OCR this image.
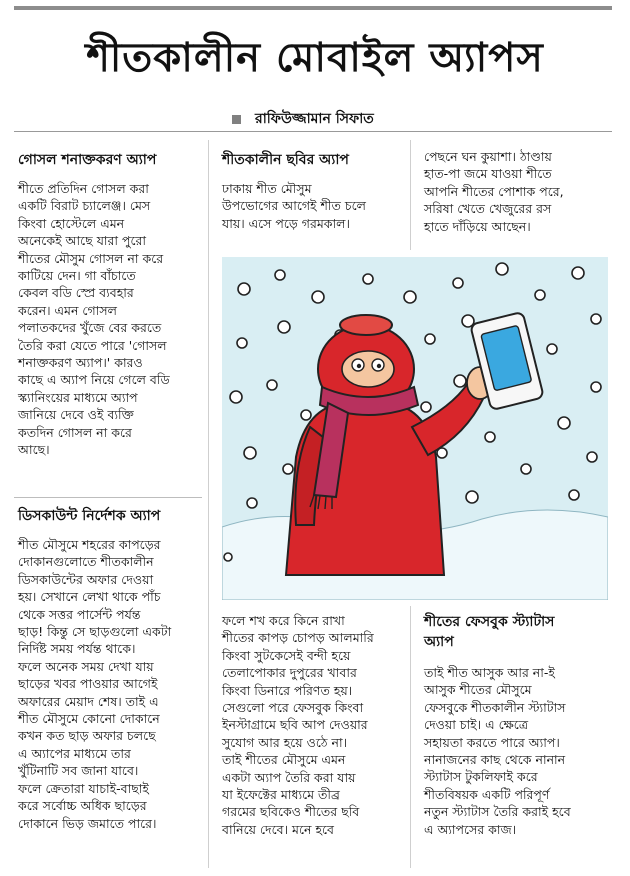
শীতকালীন মোবাইল অ্যাপস
রাফিউজ্জামান সিফাত
গোসল শনাক্তকরণ অ্যাপ
শীতে প্রতিদিন গোসল করা
একটি বিরাট চ্যালেঞ্জ। মেস
কিংবা হোস্টেলে এমন
অনেকেই আছে যারা পুরো
শীতের মৌসুম গোসল না করে
কাটিয়ে দেন। গা বাঁচাতে
কেবল বডি স্প্রে ব্যবহার
করেন। এমন গোসল
পলাতকদের খুঁজে বের করতে
তৈরি করা যেতে পারে 'গোসল
শনাক্তকরণ অ্যাপ।' কারও
কাছে এ অ্যাপ নিয়ে গেলে বডি
স্ক্যানিংয়ের মাধ্যমে অ্যাপ
জানিয়ে দেবে ওই ব্যক্তি
কতদিন গোসল না করে
আছে।
ডিসকাউন্ট নির্দেশক অ্যাপ
শীত মৌসুমে শহরের কাপড়ের
দোকানগুলোতে শীতকালীন
ডিসকাউন্টের অফার দেওয়া
হয়। সেখানে লেখা থাকে পাঁচ
থেকে সত্তর পার্সেন্ট পর্যন্ত
ছাড়! কিন্তু সে ছাড়গুলো একটা
নির্দিষ্ট সময় পর্যন্ত থাকে।
ফলে অনেক সময় দেখা যায়
ছাড়ের খবর পাওয়ার আগেই
অফারের মেয়াদ শেষ। তাই এ
শীত মৌসুমে কোনো দোকানে
কখন কত ছাড় অফার চলছে
এ অ্যাপের মাধ্যমে তার
খুঁটিনাটি সব জানা যাবে।
ফলে ক্রেতারা যাচাই-বাছাই
করে সর্বোচ্চ অধিক ছাড়ের
দোকানে ভিড় জমাতে পারে।
শীতকালীন ছবির অ্যাপ
ঢাকায় শীত মৌসুম
উপভোগের আগেই শীত চলে
যায়। এসে পড়ে গরমকাল।
পেছনে ঘন কুয়াশা। ঠাণ্ডায়
হাত-পা জমে যাওয়া শীতে
আপনি শীতের পোশাক পরে,
সরিষা খেতে খেজুরের রস
হাতে দাঁড়িয়ে আছেন।
ফলে শখ করে কিনে রাখা
শীতের কাপড় চোপড় আলমারি
কিংবা সুটকেসেই বন্দী হয়ে
তেলাপোকার দুপুরের খাবার
কিংবা ডিনারে পরিণত হয়।
সেগুলো পরে ফেসবুক কিংবা
ইনস্টাগ্রামে ছবি আপ দেওয়ার
সুযোগ আর হয়ে ওঠে না।
তাই শীতের মৌসুমে এমন
একটা অ্যাপ তৈরি করা যায়
যা ইফেক্টের মাধ্যমে তীব্র
গরমের ছবিকেও শীতের ছবি
বানিয়ে দেবে। মনে হবে
শীতের ফেসবুক স্ট্যাটাস
অ্যাপ
তাই শীত আসুক আর না-ই
আসুক শীতের মৌসুমে
ফেসবুকে শীতকালীন স্ট্যাটাস
দেওয়া চাই। এ ক্ষেত্রে
সহায়তা করতে পারে অ্যাপ।
নানাজনের কাছ থেকে নানান
স্ট্যাটাস টুকলিফাই করে
শীতবিষয়ক একটি পরিপূর্ণ
নতুন স্ট্যাটাস তৈরি করাই হবে
এ অ্যাপসের কাজ।
